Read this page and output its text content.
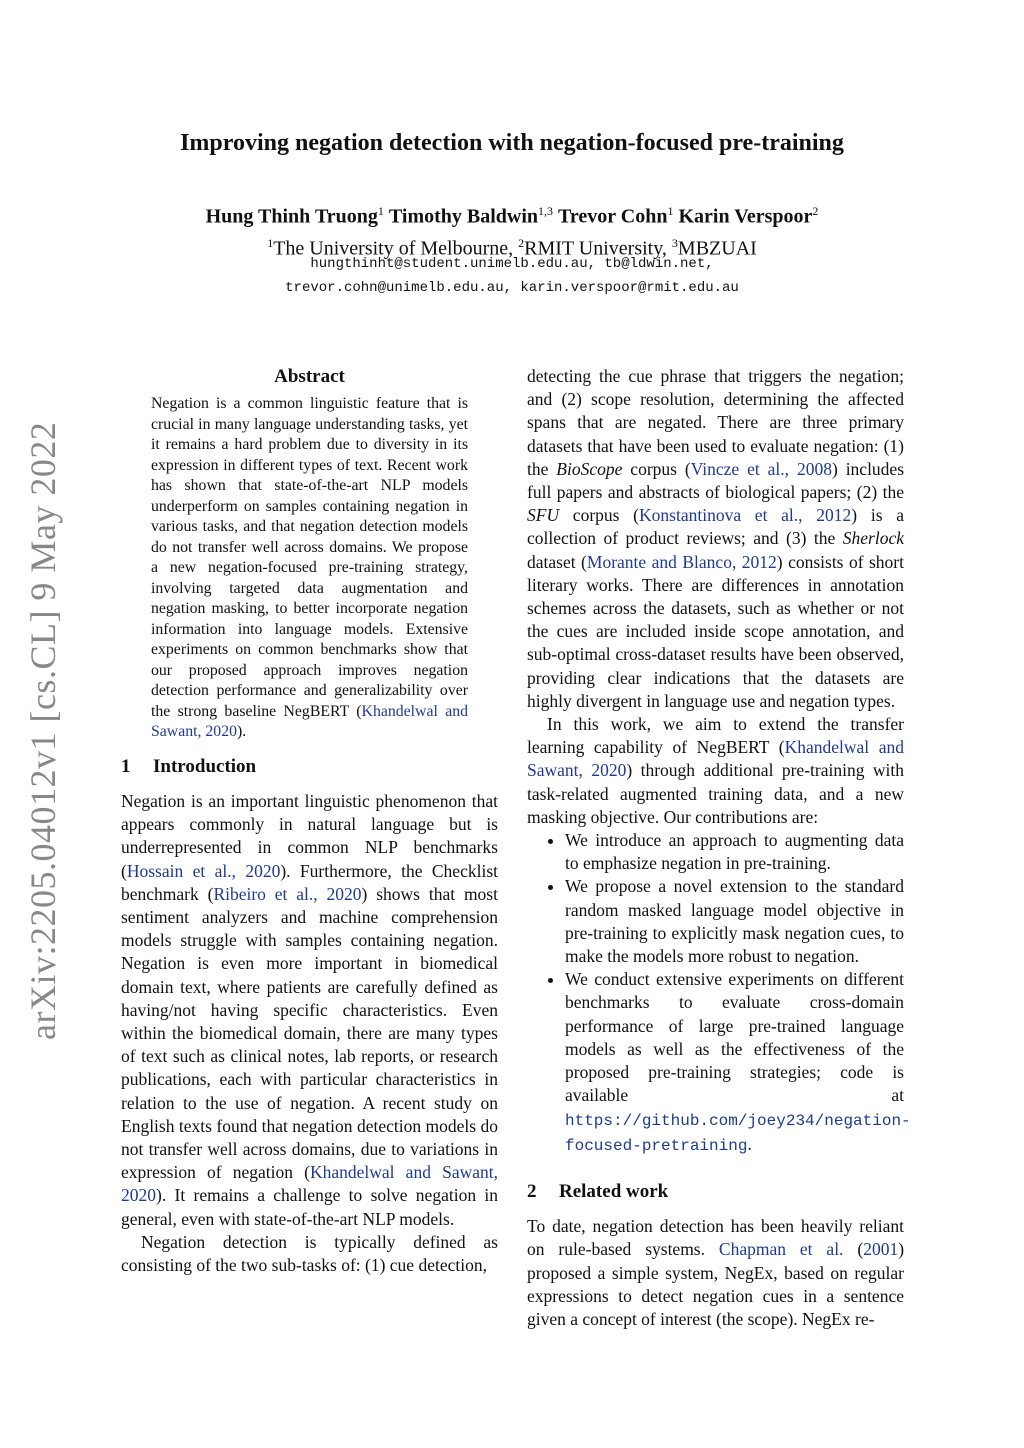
Improving negation detection with negation-focused pre-training
Hung Thinh Truong$^1$ Timothy Baldwin$^{1,3}$ Trevor Cohn$^1$ Karin Verspoor$^2$
$^1$The University of Melbourne, $^2$RMIT University, $^3$MBZUAI
hungthinht@student.unimelb.edu.au, tb@ldwin.net,
trevor.cohn@unimelb.edu.au, karin.verspoor@rmit.edu.au
arXiv:2205.04012v1 [cs.CL] 9 May 2022
Abstract
Negation is a common linguistic feature that is crucial in many language understanding tasks, yet it remains a hard problem due to diversity in its expression in different types of text. Recent work has shown that state-of-the-art NLP models underperform on samples containing negation in various tasks, and that negation detection models do not transfer well across domains. We propose a new negation-focused pre-training strategy, involving targeted data augmentation and negation masking, to better incorporate negation information into language models. Extensive experiments on common benchmarks show that our proposed approach improves negation detection performance and generalizability over the strong baseline NegBERT (Khandelwal and Sawant, 2020).
1 Introduction

Negation is an important linguistic phenomenon that appears commonly in natural language but is underrepresented in common NLP benchmarks (Hossain et al., 2020). Furthermore, the Checklist benchmark (Ribeiro et al., 2020) shows that most sentiment analyzers and machine comprehension models struggle with samples containing negation. Negation is even more important in biomedical domain text, where patients are carefully defined as having/not having specific characteristics. Even within the biomedical domain, there are many types of text such as clinical notes, lab reports, or research publications, each with particular characteristics in relation to the use of negation. A recent study on English texts found that negation detection models do not transfer well across domains, due to variations in expression of negation (Khandelwal and Sawant, 2020). It remains a challenge to solve negation in general, even with state-of-the-art NLP models.

Negation detection is typically defined as consisting of the two sub-tasks of: (1) cue detection,

detecting the cue phrase that triggers the negation; and (2) scope resolution, determining the affected spans that are negated. There are three primary datasets that have been used to evaluate negation: (1) the BioScope corpus (Vincze et al., 2008) includes full papers and abstracts of biological papers; (2) the SFU corpus (Konstantinova et al., 2012) is a collection of product reviews; and (3) the Sherlock dataset (Morante and Blanco, 2012) consists of short literary works. There are differences in annotation schemes across the datasets, such as whether or not the cues are included inside scope annotation, and sub-optimal cross-dataset results have been observed, providing clear indications that the datasets are highly divergent in language use and negation types.

In this work, we aim to extend the transfer learning capability of NegBERT (Khandelwal and Sawant, 2020) through additional pre-training with task-related augmented training data, and a new masking objective. Our contributions are:

• We introduce an approach to augmenting data to emphasize negation in pre-training.
• We propose a novel extension to the standard random masked language model objective in pre-training to explicitly mask negation cues, to make the models more robust to negation.
• We conduct extensive experiments on different benchmarks to evaluate cross-domain performance of large pre-trained language models as well as the effectiveness of the proposed pre-training strategies; code is available at https://github.com/joey234/negation-focused-pretraining.
2 Related work

To date, negation detection has been heavily reliant on rule-based systems. Chapman et al. (2001) proposed a simple system, NegEx, based on regular expressions to detect negation cues in a sentence given a concept of interest (the scope). NegEx re-
